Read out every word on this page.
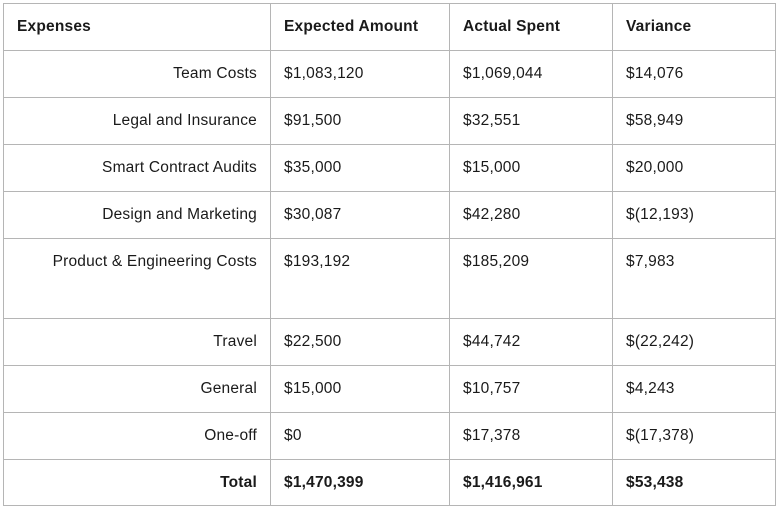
Expenses	Expected Amount	Actual Spent	Variance
Team Costs	$1,083,120	$1,069,044	$14,076
Legal and Insurance	$91,500	$32,551	$58,949
Smart Contract Audits	$35,000	$15,000	$20,000
Design and Marketing	$30,087	$42,280	$(12,193)
Product & Engineering Costs	$193,192	$185,209	$7,983
Travel	$22,500	$44,742	$(22,242)
General	$15,000	$10,757	$4,243
One-off	$0	$17,378	$(17,378)
Total	$1,470,399	$1,416,961	$53,438
